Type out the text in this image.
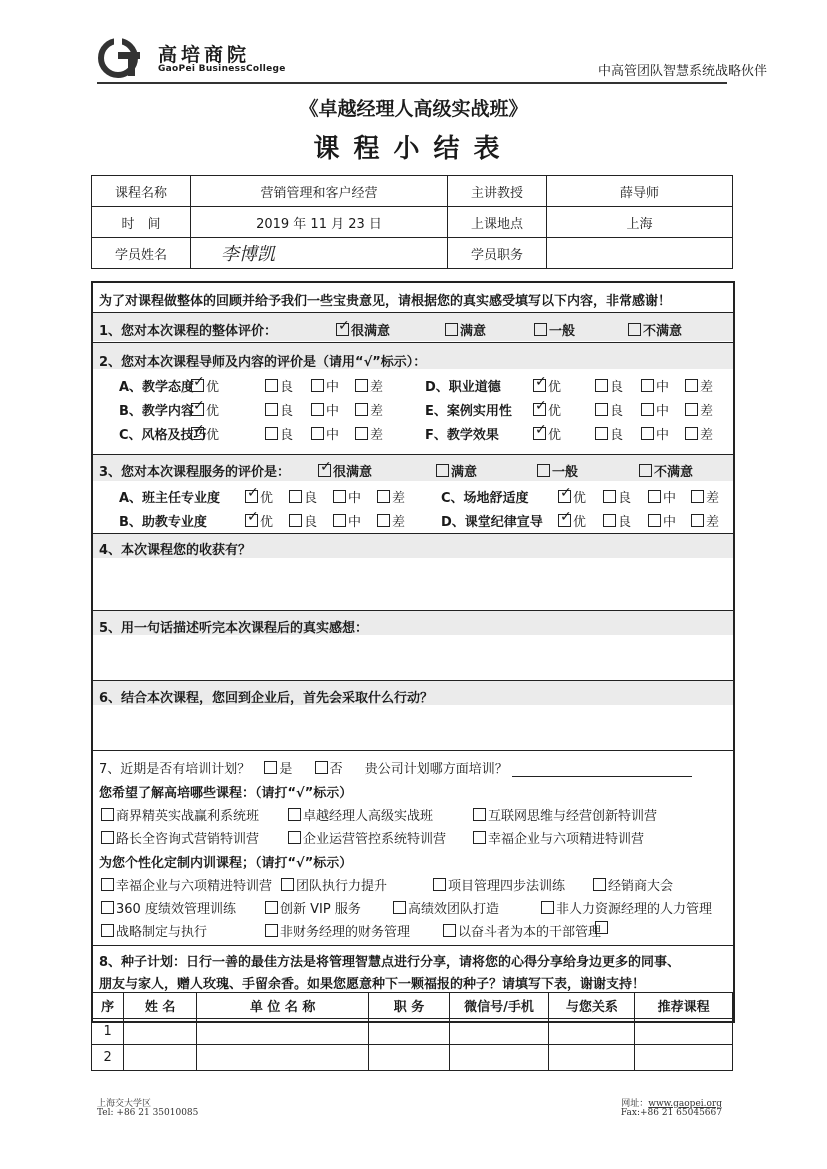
高培商院
GaoPei BusinessCollege	中高管团队智慧系统战略伙伴
《卓越经理人高级实战班》
课程小结表
课程名称	营销管理和客户经营	主讲教授	薛导师
时　间	2019 年 11 月 23 日	上课地点	上海
学员姓名	李博凯	学员职务	
为了对课程做整体的回顾并给予我们一些宝贵意见，请根据您的真实感受填写以下内容，非常感谢！
1、您对本次课程的整体评价： ✓	很满意	满意	一般	不满意
2、您对本次课程导师及内容的评价是（请用“√”标示）：
A、教学态度 ✓ 优	良	中	差
B、教学内容 ✓ 优	良	中	差
C、风格及技巧 ✓ 优	良	中	差
D、职业道德 ✓	优	良	中	差
E、案例实用性 ✓	优	良	中	差
F、教学效果 ✓	优	良	中	差
3、您对本次课程服务的评价是： ✓	很满意	满意	一般	不满意
A、班主任专业度 ✓	优	良	中	差
B、助教专业度 ✓	优	良	中	差
C、场地舒适度 ✓	优	良	中	差
D、课堂纪律宣导 ✓	优	良	中	差
4、本次课程您的收获有？
5、用一句话描述听完本次课程后的真实感想：
6、结合本次课程，您回到企业后，首先会采取什么行动？
7、近期是否有培训计划？ 是	否 贵公司计划哪方面培训？
您希望了解高培哪些课程：（请打“√”标示）
商界精英实战赢利系统班	卓越经理人高级实战班	互联网思维与经营创新特训营
路长全咨询式营销特训营	企业运营管控系统特训营	幸福企业与六项精进特训营
为您个性化定制内训课程；（请打“√”标示）
幸福企业与六项精进特训营	团队执行力提升	项目管理四步法训练	经销商大会
360 度绩效管理训练	创新 VIP 服务	高绩效团队打造	非人力资源经理的人力管理
战略制定与执行	非财务经理的财务管理	以奋斗者为本的干部管理
8、种子计划：日行一善的最佳方法是将管理智慧点进行分享，请将您的心得分享给身边更多的同事、
朋友与家人，赠人玫瑰、手留余香。如果您愿意种下一颗福报的种子？请填写下表，谢谢支持！
序	姓 名	单 位 名 称	职 务	微信号/手机	与您关系	推荐课程
1						
2						
上海交大学区
Tel: +86 21 35010085
网址：www.gaopei.org
Fax:+86 21 65045667
